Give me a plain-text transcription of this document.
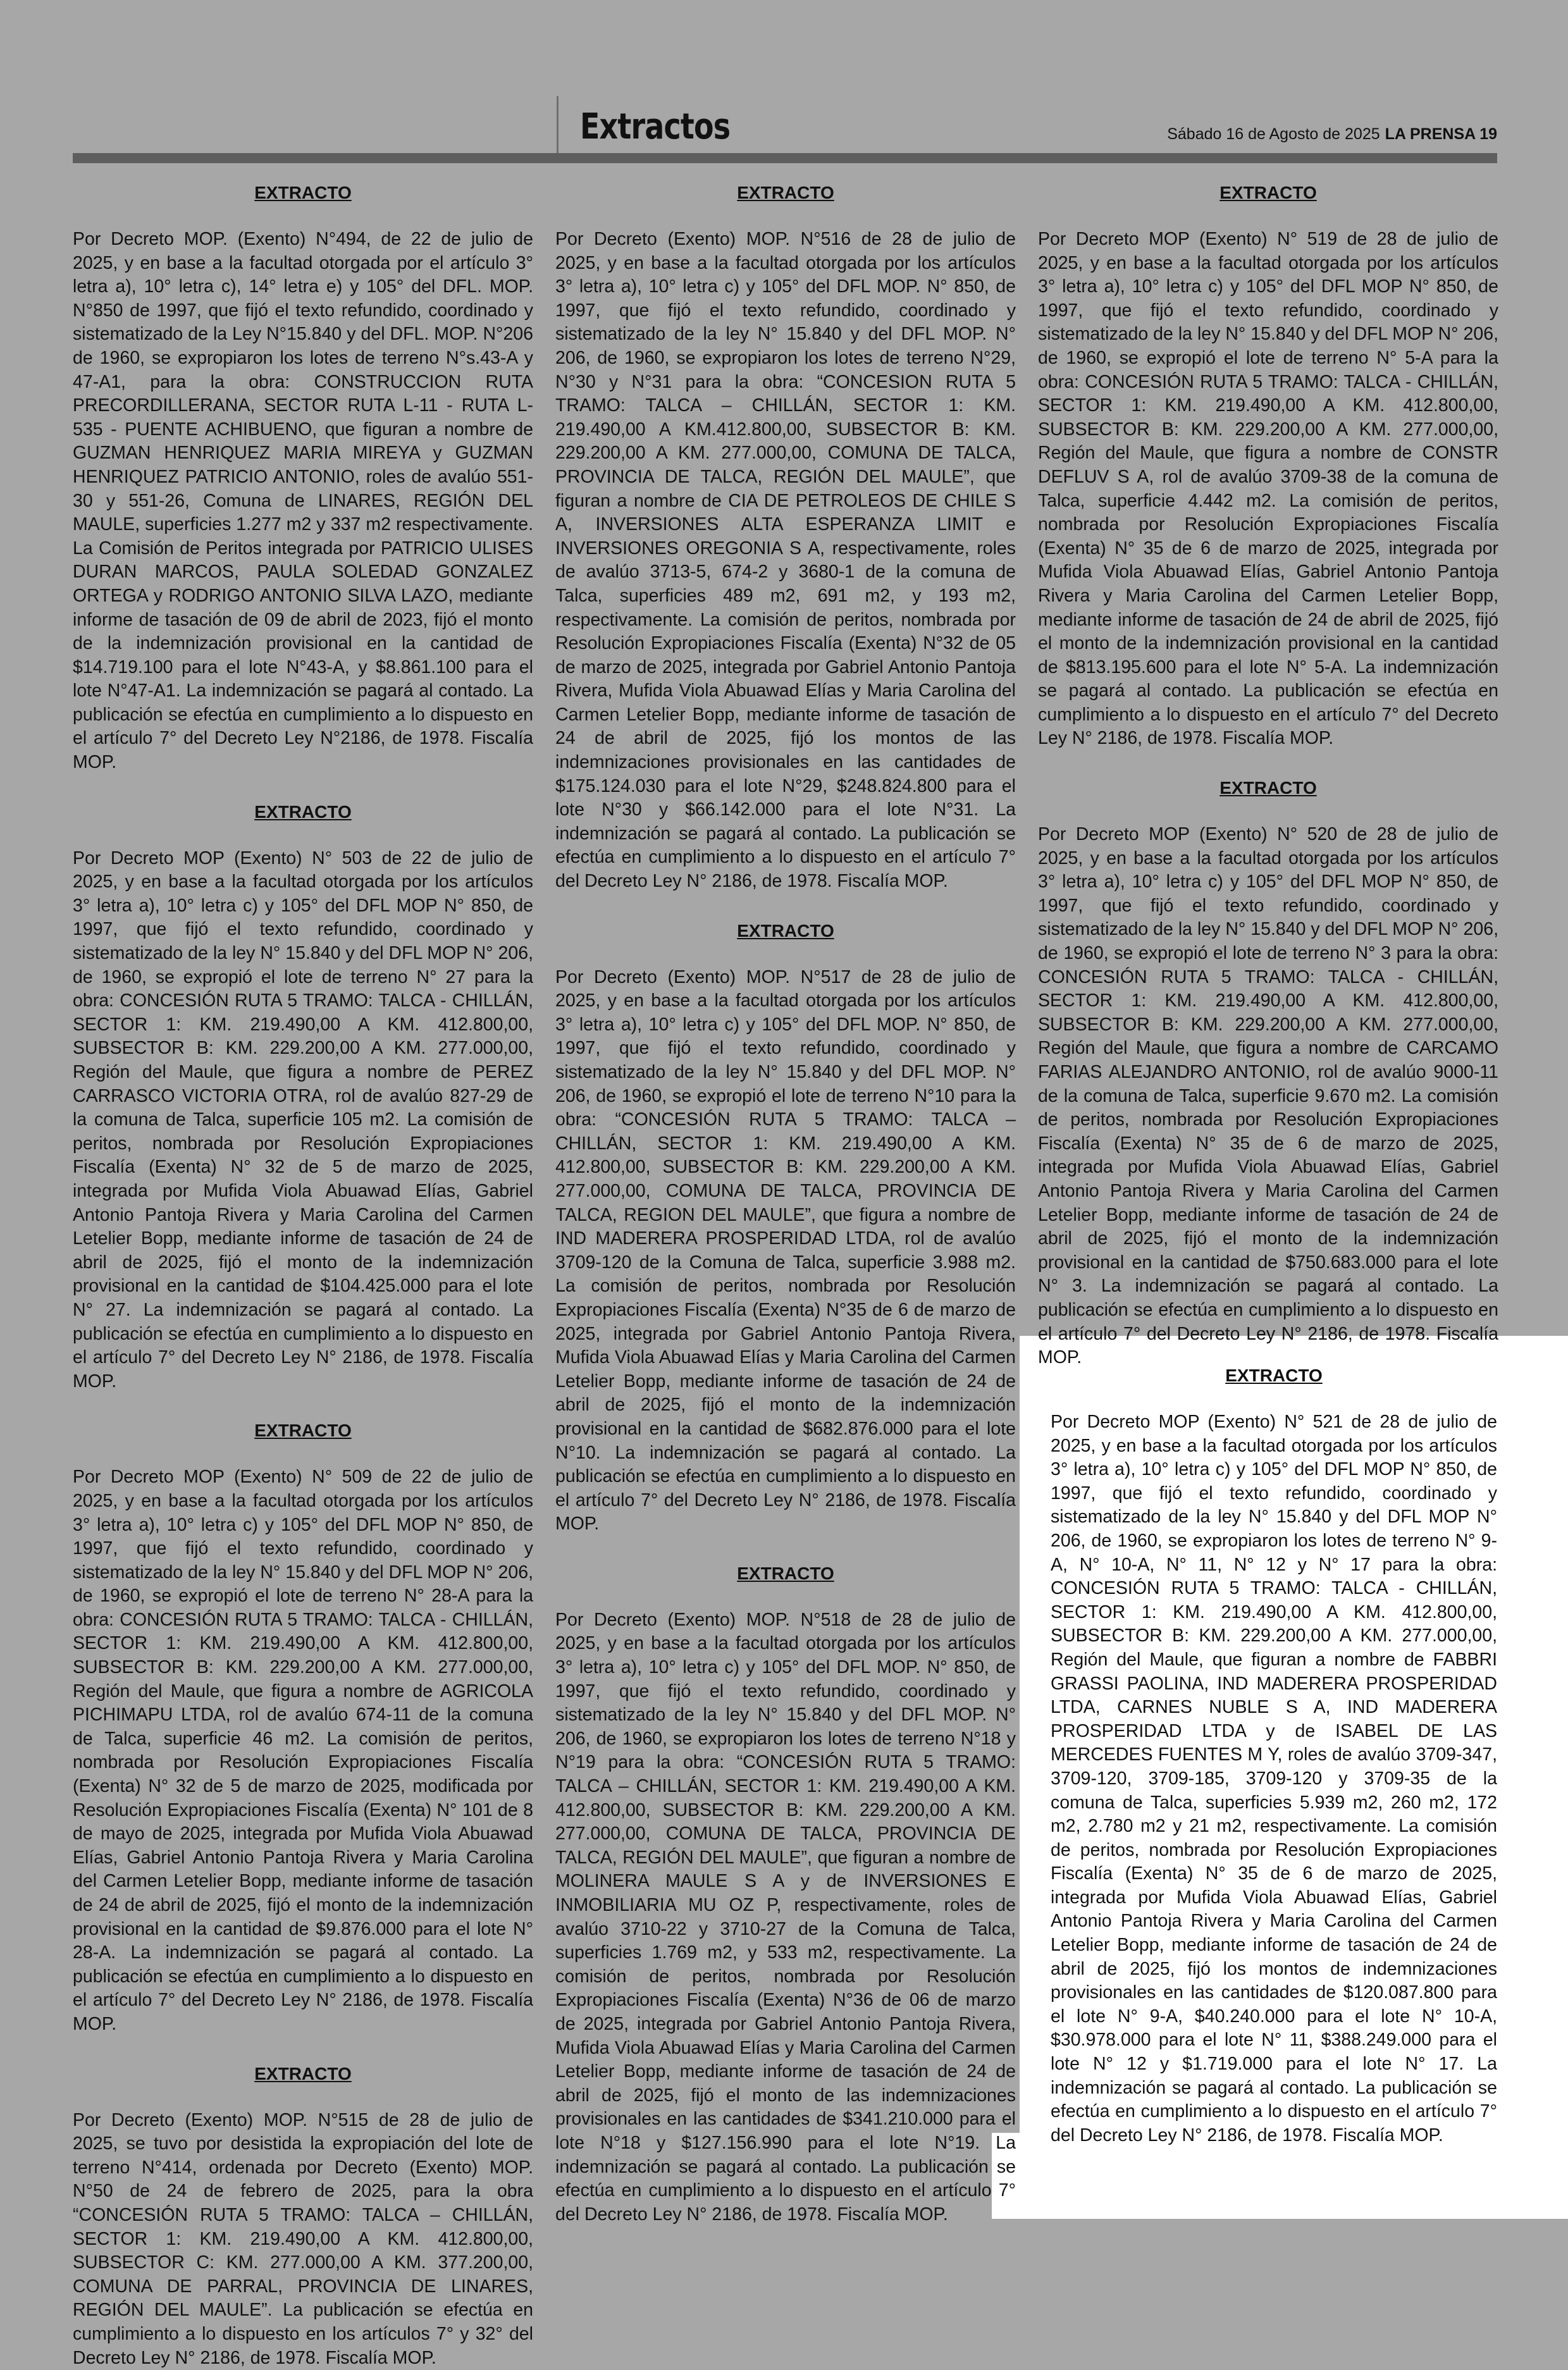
Extractos	Sábado 16 de Agosto de 2025 LA PRENSA 19
EXTRACTO
Por Decreto MOP. (Exento) N°494, de 22 de julio de 2025, y en base a la facultad otorgada por el artículo 3° letra a), 10° letra c), 14° letra e) y 105° del DFL. MOP. N°850 de 1997, que fijó el texto refundido, coordinado y sistematizado de la Ley N°15.840 y del DFL. MOP. N°206 de 1960, se expropiaron los lotes de terreno N°s.43-A y 47-A1, para la obra: CONSTRUCCION RUTA PRECORDILLERANA, SECTOR RUTA L-11 - RUTA L-535 - PUENTE ACHIBUENO, que figuran a nombre de GUZMAN HENRIQUEZ MARIA MIREYA y GUZMAN HENRIQUEZ PATRICIO ANTONIO, roles de avalúo 551-30 y 551-26, Comuna de LINARES, REGIÓN DEL MAULE, superficies 1.277 m2 y 337 m2 respectivamente. La Comisión de Peritos integrada por PATRICIO ULISES DURAN MARCOS, PAULA SOLEDAD GONZALEZ ORTEGA y RODRIGO ANTONIO SILVA LAZO, mediante informe de tasación de 09 de abril de 2023, fijó el monto de la indemnización provisional en la cantidad de $14.719.100 para el lote N°43-A, y $8.861.100 para el lote N°47-A1. La indemnización se pagará al contado. La publicación se efectúa en cumplimiento a lo dispuesto en el artículo 7° del Decreto Ley N°2186, de 1978. Fiscalía MOP.
EXTRACTO
Por Decreto MOP (Exento) N° 503 de 22 de julio de 2025, y en base a la facultad otorgada por los artículos 3° letra a), 10° letra c) y 105° del DFL MOP N° 850, de 1997, que fijó el texto refundido, coordinado y sistematizado de la ley N° 15.840 y del DFL MOP N° 206, de 1960, se expropió el lote de terreno N° 27 para la obra: CONCESIÓN RUTA 5 TRAMO: TALCA - CHILLÁN, SECTOR 1: KM. 219.490,00 A KM. 412.800,00, SUBSECTOR B: KM. 229.200,00 A KM. 277.000,00, Región del Maule, que figura a nombre de PEREZ CARRASCO VICTORIA OTRA, rol de avalúo 827-29 de la comuna de Talca, superficie 105 m2. La comisión de peritos, nombrada por Resolución Expropiaciones Fiscalía (Exenta) N° 32 de 5 de marzo de 2025, integrada por Mufida Viola Abuawad Elías, Gabriel Antonio Pantoja Rivera y Maria Carolina del Carmen Letelier Bopp, mediante informe de tasación de 24 de abril de 2025, fijó el monto de la indemnización provisional en la cantidad de $104.425.000 para el lote N° 27. La indemnización se pagará al contado. La publicación se efectúa en cumplimiento a lo dispuesto en el artículo 7° del Decreto Ley N° 2186, de 1978. Fiscalía MOP.
EXTRACTO
Por Decreto MOP (Exento) N° 509 de 22 de julio de 2025, y en base a la facultad otorgada por los artículos 3° letra a), 10° letra c) y 105° del DFL MOP N° 850, de 1997, que fijó el texto refundido, coordinado y sistematizado de la ley N° 15.840 y del DFL MOP N° 206, de 1960, se expropió el lote de terreno N° 28-A para la obra: CONCESIÓN RUTA 5 TRAMO: TALCA - CHILLÁN, SECTOR 1: KM. 219.490,00 A KM. 412.800,00, SUBSECTOR B: KM. 229.200,00 A KM. 277.000,00, Región del Maule, que figura a nombre de AGRICOLA PICHIMAPU LTDA, rol de avalúo 674-11 de la comuna de Talca, superficie 46 m2. La comisión de peritos, nombrada por Resolución Expropiaciones Fiscalía (Exenta) N° 32 de 5 de marzo de 2025, modificada por Resolución Expropiaciones Fiscalía (Exenta) N° 101 de 8 de mayo de 2025, integrada por Mufida Viola Abuawad Elías, Gabriel Antonio Pantoja Rivera y Maria Carolina del Carmen Letelier Bopp, mediante informe de tasación de 24 de abril de 2025, fijó el monto de la indemnización provisional en la cantidad de $9.876.000 para el lote N° 28-A. La indemnización se pagará al contado. La publicación se efectúa en cumplimiento a lo dispuesto en el artículo 7° del Decreto Ley N° 2186, de 1978. Fiscalía MOP.
EXTRACTO
Por Decreto (Exento) MOP. N°515 de 28 de julio de 2025, se tuvo por desistida la expropiación del lote de terreno N°414, ordenada por Decreto (Exento) MOP. N°50 de 24 de febrero de 2025, para la obra “CONCESIÓN RUTA 5 TRAMO: TALCA – CHILLÁN, SECTOR 1: KM. 219.490,00 A KM. 412.800,00, SUBSECTOR C: KM. 277.000,00 A KM. 377.200,00, COMUNA DE PARRAL, PROVINCIA DE LINARES, REGIÓN DEL MAULE”. La publicación se efectúa en cumplimiento a lo dispuesto en los artículos 7° y 32° del Decreto Ley N° 2186, de 1978. Fiscalía MOP.
EXTRACTO
Por Decreto (Exento) MOP. N°516 de 28 de julio de 2025, y en base a la facultad otorgada por los artículos 3° letra a), 10° letra c) y 105° del DFL MOP. N° 850, de 1997, que fijó el texto refundido, coordinado y sistematizado de la ley N° 15.840 y del DFL MOP. N° 206, de 1960, se expropiaron los lotes de terreno N°29, N°30 y N°31 para la obra: “CONCESION RUTA 5 TRAMO: TALCA – CHILLÁN, SECTOR 1: KM. 219.490,00 A KM.412.800,00, SUBSECTOR B: KM. 229.200,00 A KM. 277.000,00, COMUNA DE TALCA, PROVINCIA DE TALCA, REGIÓN DEL MAULE”, que figuran a nombre de CIA DE PETROLEOS DE CHILE S A, INVERSIONES ALTA ESPERANZA LIMIT e INVERSIONES OREGONIA S A, respectivamente, roles de avalúo 3713-5, 674-2 y 3680-1 de la comuna de Talca, superficies 489 m2, 691 m2, y 193 m2, respectivamente. La comisión de peritos, nombrada por Resolución Expropiaciones Fiscalía (Exenta) N°32 de 05 de marzo de 2025, integrada por Gabriel Antonio Pantoja Rivera, Mufida Viola Abuawad Elías y Maria Carolina del Carmen Letelier Bopp, mediante informe de tasación de 24 de abril de 2025, fijó los montos de las indemnizaciones provisionales en las cantidades de $175.124.030 para el lote N°29, $248.824.800 para el lote N°30 y $66.142.000 para el lote N°31. La indemnización se pagará al contado. La publicación se efectúa en cumplimiento a lo dispuesto en el artículo 7° del Decreto Ley N° 2186, de 1978. Fiscalía MOP.
EXTRACTO
Por Decreto (Exento) MOP. N°517 de 28 de julio de 2025, y en base a la facultad otorgada por los artículos 3° letra a), 10° letra c) y 105° del DFL MOP. N° 850, de 1997, que fijó el texto refundido, coordinado y sistematizado de la ley N° 15.840 y del DFL MOP. N° 206, de 1960, se expropió el lote de terreno N°10 para la obra: “CONCESIÓN RUTA 5 TRAMO: TALCA – CHILLÁN, SECTOR 1: KM. 219.490,00 A KM. 412.800,00, SUBSECTOR B: KM. 229.200,00 A KM. 277.000,00, COMUNA DE TALCA, PROVINCIA DE TALCA, REGION DEL MAULE”, que figura a nombre de IND MADERERA PROSPERIDAD LTDA, rol de avalúo 3709-120 de la Comuna de Talca, superficie 3.988 m2. La comisión de peritos, nombrada por Resolución Expropiaciones Fiscalía (Exenta) N°35 de 6 de marzo de 2025, integrada por Gabriel Antonio Pantoja Rivera, Mufida Viola Abuawad Elías y Maria Carolina del Carmen Letelier Bopp, mediante informe de tasación de 24 de abril de 2025, fijó el monto de la indemnización provisional en la cantidad de $682.876.000 para el lote N°10. La indemnización se pagará al contado. La publicación se efectúa en cumplimiento a lo dispuesto en el artículo 7° del Decreto Ley N° 2186, de 1978. Fiscalía MOP.
EXTRACTO
Por Decreto (Exento) MOP. N°518 de 28 de julio de 2025, y en base a la facultad otorgada por los artículos 3° letra a), 10° letra c) y 105° del DFL MOP. N° 850, de 1997, que fijó el texto refundido, coordinado y sistematizado de la ley N° 15.840 y del DFL MOP. N° 206, de 1960, se expropiaron los lotes de terreno N°18 y N°19 para la obra: “CONCESIÓN RUTA 5 TRAMO: TALCA – CHILLÁN, SECTOR 1: KM. 219.490,00 A KM. 412.800,00, SUBSECTOR B: KM. 229.200,00 A KM. 277.000,00, COMUNA DE TALCA, PROVINCIA DE TALCA, REGIÓN DEL MAULE”, que figuran a nombre de MOLINERA MAULE S A y de INVERSIONES E INMOBILIARIA MU OZ P, respectivamente, roles de avalúo 3710-22 y 3710-27 de la Comuna de Talca, superficies 1.769 m2, y 533 m2, respectivamente. La comisión de peritos, nombrada por Resolución Expropiaciones Fiscalía (Exenta) N°36 de 06 de marzo de 2025, integrada por Gabriel Antonio Pantoja Rivera, Mufida Viola Abuawad Elías y Maria Carolina del Carmen Letelier Bopp, mediante informe de tasación de 24 de abril de 2025, fijó el monto de las indemnizaciones provisionales en las cantidades de $341.210.000 para el lote N°18 y $127.156.990 para el lote N°19. La indemnización se pagará al contado. La publicación se efectúa en cumplimiento a lo dispuesto en el artículo 7° del Decreto Ley N° 2186, de 1978. Fiscalía MOP.
EXTRACTO
Por Decreto MOP (Exento) N° 519 de 28 de julio de 2025, y en base a la facultad otorgada por los artículos 3° letra a), 10° letra c) y 105° del DFL MOP N° 850, de 1997, que fijó el texto refundido, coordinado y sistematizado de la ley N° 15.840 y del DFL MOP N° 206, de 1960, se expropió el lote de terreno N° 5-A para la obra: CONCESIÓN RUTA 5 TRAMO: TALCA - CHILLÁN, SECTOR 1: KM. 219.490,00 A KM. 412.800,00, SUBSECTOR B: KM. 229.200,00 A KM. 277.000,00, Región del Maule, que figura a nombre de CONSTR DEFLUV S A, rol de avalúo 3709-38 de la comuna de Talca, superficie 4.442 m2. La comisión de peritos, nombrada por Resolución Expropiaciones Fiscalía (Exenta) N° 35 de 6 de marzo de 2025, integrada por Mufida Viola Abuawad Elías, Gabriel Antonio Pantoja Rivera y Maria Carolina del Carmen Letelier Bopp, mediante informe de tasación de 24 de abril de 2025, fijó el monto de la indemnización provisional en la cantidad de $813.195.600 para el lote N° 5-A. La indemnización se pagará al contado. La publicación se efectúa en cumplimiento a lo dispuesto en el artículo 7° del Decreto Ley N° 2186, de 1978. Fiscalía MOP.
EXTRACTO
Por Decreto MOP (Exento) N° 520 de 28 de julio de 2025, y en base a la facultad otorgada por los artículos 3° letra a), 10° letra c) y 105° del DFL MOP N° 850, de 1997, que fijó el texto refundido, coordinado y sistematizado de la ley N° 15.840 y del DFL MOP N° 206, de 1960, se expropió el lote de terreno N° 3 para la obra: CONCESIÓN RUTA 5 TRAMO: TALCA - CHILLÁN, SECTOR 1: KM. 219.490,00 A KM. 412.800,00, SUBSECTOR B: KM. 229.200,00 A KM. 277.000,00, Región del Maule, que figura a nombre de CARCAMO FARIAS ALEJANDRO ANTONIO, rol de avalúo 9000-11 de la comuna de Talca, superficie 9.670 m2. La comisión de peritos, nombrada por Resolución Expropiaciones Fiscalía (Exenta) N° 35 de 6 de marzo de 2025, integrada por Mufida Viola Abuawad Elías, Gabriel Antonio Pantoja Rivera y Maria Carolina del Carmen Letelier Bopp, mediante informe de tasación de 24 de abril de 2025, fijó el monto de la indemnización provisional en la cantidad de $750.683.000 para el lote N° 3. La indemnización se pagará al contado. La publicación se efectúa en cumplimiento a lo dispuesto en el artículo 7° del Decreto Ley N° 2186, de 1978. Fiscalía MOP.
EXTRACTO
Por Decreto MOP (Exento) N° 521 de 28 de julio de 2025, y en base a la facultad otorgada por los artículos 3° letra a), 10° letra c) y 105° del DFL MOP N° 850, de 1997, que fijó el texto refundido, coordinado y sistematizado de la ley N° 15.840 y del DFL MOP N° 206, de 1960, se expropiaron los lotes de terreno N° 9-A, N° 10-A, N° 11, N° 12 y N° 17 para la obra: CONCESIÓN RUTA 5 TRAMO: TALCA - CHILLÁN, SECTOR 1: KM. 219.490,00 A KM. 412.800,00, SUBSECTOR B: KM. 229.200,00 A KM. 277.000,00, Región del Maule, que figuran a nombre de FABBRI GRASSI PAOLINA, IND MADERERA PROSPERIDAD LTDA, CARNES NUBLE S A, IND MADERERA PROSPERIDAD LTDA y de ISABEL DE LAS MERCEDES FUENTES M Y, roles de avalúo 3709-347, 3709-120, 3709-185, 3709-120 y 3709-35 de la comuna de Talca, superficies 5.939 m2, 260 m2, 172 m2, 2.780 m2 y 21 m2, respectivamente. La comisión de peritos, nombrada por Resolución Expropiaciones Fiscalía (Exenta) N° 35 de 6 de marzo de 2025, integrada por Mufida Viola Abuawad Elías, Gabriel Antonio Pantoja Rivera y Maria Carolina del Carmen Letelier Bopp, mediante informe de tasación de 24 de abril de 2025, fijó los montos de indemnizaciones provisionales en las cantidades de $120.087.800 para el lote N° 9-A, $40.240.000 para el lote N° 10-A, $30.978.000 para el lote N° 11, $388.249.000 para el lote N° 12 y $1.719.000 para el lote N° 17. La indemnización se pagará al contado. La publicación se efectúa en cumplimiento a lo dispuesto en el artículo 7° del Decreto Ley N° 2186, de 1978. Fiscalía MOP.
